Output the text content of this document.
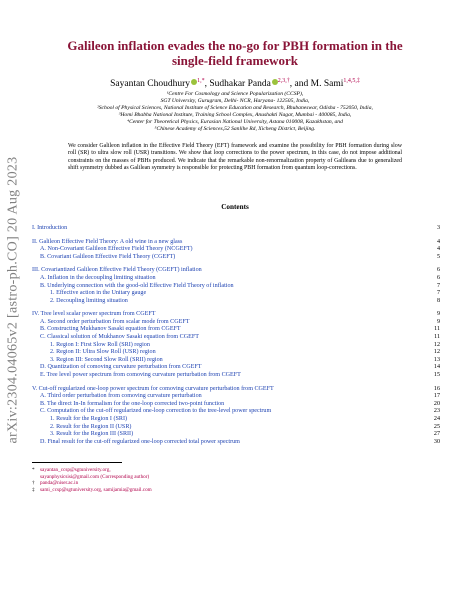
arXiv:2304.04065v2 [astro-ph.CO] 20 Aug 2023
Galileon inflation evades the no-go for PBH formation in the single-field framework
Sayantan Choudhury $^{1,*}$, Sudhakar Panda $^{2,3,\dagger}$, and M. Sami$^{1,4,5,\ddagger}$
¹Centre For Cosmology and Science Popularization (CCSP),
SGT University, Gurugram, Delhi- NCR, Haryana- 122505, India,
²School of Physical Sciences, National Institute of Science Education and Research, Bhubaneswar, Odisha - 752050, India,
³Homi Bhabha National Institute, Training School Complex, Anushakti Nagar, Mumbai - 400085, India,
⁴Center for Theoretical Physics, Eurasian National University, Astana 010008, Kazakhstan, and
⁵Chinese Academy of Sciences,52 Sanlihe Rd, Xicheng District, Beijing.
We consider Galileon inflation in the Effective Field Theory (EFT) framework and examine the possibility for PBH formation during slow roll (SR) to ultra slow roll (USR) transitions. We show that loop corrections to the power spectrum, in this case, do not impose additional constraints on the masses of PBHs produced. We indicate that the remarkable non-renormalization property of Galileans due to generalized shift symmetry dubbed as Galilean symmetry is responsible for protecting PBH formation from quantum loop-corrections.
Contents
I. Introduction	3
II. Galileon Effective Field Theory: A old wine in a new glass	4
A. Non-Covariant Galileon Effective Field Theory (NCGEFT)	4
B. Covariant Galileon Effective Field Theory (CGEFT)	5
III. Covariantized Galileon Effective Field Theory (CGEFT) inflation	6
A. Inflation in the decoupling limiting situation	6
B. Underlying connection with the good-old Effective Field Theory of inflation	7
1. Effective action in the Unitary gauge	7
2. Decoupling limiting situation	8
IV. Tree level scalar power spectrum from CGEFT	9
A. Second order perturbation from scalar mode from CGEFT	9
B. Constructing Mukhanov Sasaki equation from CGEFT	11
C. Classical solution of Mukhanov Sasaki equation from CGEFT	11
1. Region I: First Slow Roll (SRI) region	12
2. Region II: Ultra Slow Roll (USR) region	12
3. Region III: Second Slow Roll (SRII) region	13
D. Quantization of comoving curvature perturbation from CGEFT	14
E. Tree level power spectrum from comoving curvature perturbation from CGEFT	15
V. Cut-off regularized one-loop power spectrum for comoving curvature perturbation from CGEFT	16
A. Third order perturbation from comoving curvature perturbation	17
B. The direct In-In formalism for the one-loop corrected two-point function	20
C. Computation of the cut-off regularized one-loop correction to the tree-level power spectrum	23
1. Result for the Region I (SRI)	24
2. Result for the Region II (USR)	25
3. Result for the Region III (SRII)	27
D. Final result for the cut-off regularized one-loop corrected total power spectrum	30
* sayantan_ccsp@sgtuniversity.org,
sayanphysicsisi@gmail.com (Corresponding author)
† panda@niser.ac.in
‡ sami_ccsp@sgtuniversity.org, samijamia@gmail.com
